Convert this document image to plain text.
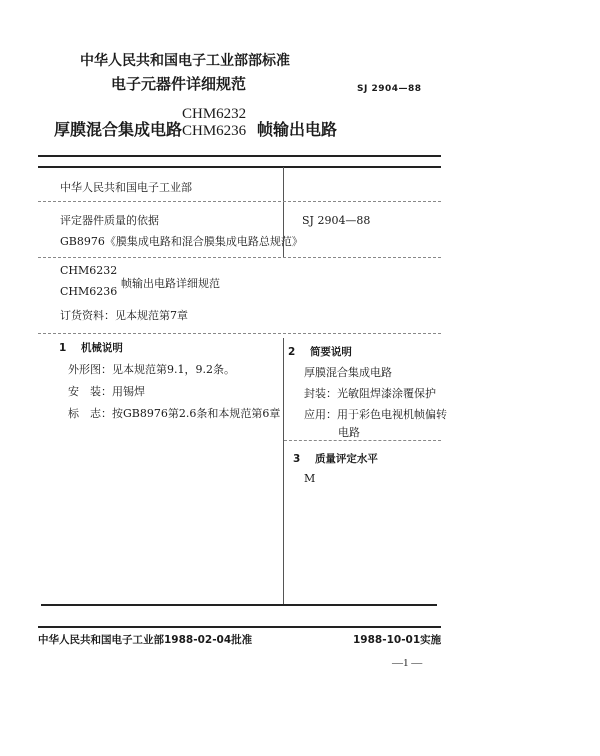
中华人民共和国电子工业部部标准
电子元器件详细规范	SJ 2904—88
厚膜混合集成电路
CHM6232
CHM6236 帧输出电路
中华人民共和国电子工业部
评定器件质量的依据
GB8976《膜集成电路和混合膜集成电路总规范》
SJ 2904—88
CHM6232
CHM6236
帧输出电路详细规范
订货资料：见本规范第7章
1 机械说明
外形图：见本规范第9.1，9.2条。
安　装：用锡焊
标　志：按GB8976第2.6条和本规范第6章
2 简要说明
厚膜混合集成电路
封装：光敏阻焊漆涂覆保护
应用：用于彩色电视机帧偏转
电路
3 质量评定水平
M
中华人民共和国电子工业部1988-02-04批准	1988-10-01实施
—1 —
